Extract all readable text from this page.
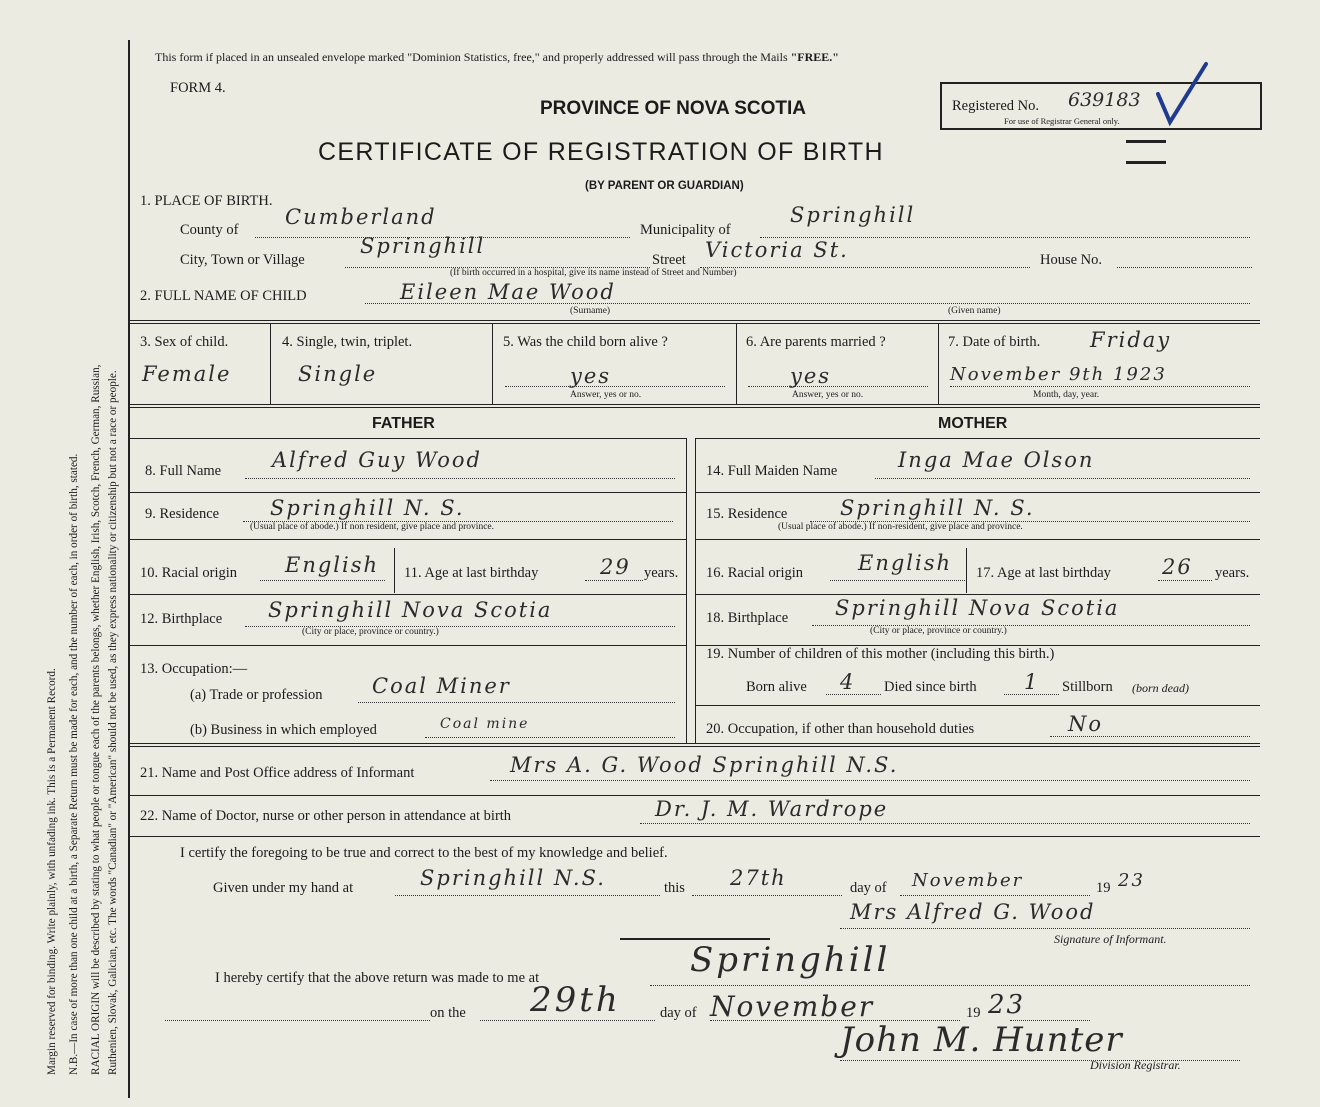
Margin reserved for binding. Write plainly, with unfading ink. This is a Permanent Record. N.B.—In case of more than one child at a birth, a Separate Return must be made for each, and the number of each, in order of birth, stated. RACIAL ORIGIN will be described by stating to what people or tongue each of the parents belongs, whether English, Irish, Scotch, French, German, Russian, Ruthenien, Slovak, Galician, etc. The words "Canadian" or "American" should not be used, as they express nationality or citizenship but not a race or people.
This form if placed in an unsealed envelope marked "Dominion Statistics, free," and properly addressed will pass through the Mails "FREE."
FORM 4.
PROVINCE OF NOVA SCOTIA	Registered No. 639183
For use of Registrar General only.
CERTIFICATE OF REGISTRATION OF BIRTH
(BY PARENT OR GUARDIAN)
1. PLACE OF BIRTH.
County of
Cumberland
Municipality of
Springhill
City, Town or Village
Springhill
Street Victoria St.	House No.
(If birth occurred in a hospital, give its name instead of Street and Number)
2. FULL NAME OF CHILD	Eileen Mae Wood
(Surname)	(Given name)
3. Sex of child.
Female
4. Single, twin, triplet.
Single
5. Was the child born alive ?
yes
Answer, yes or no.
6. Are parents married ?
yes
Answer, yes or no.
7. Date of birth. Friday
November 9th 1923
Month, day, year.
FATHER	MOTHER
8. Full Name Alfred Guy Wood
9. Residence Springhill N. S.
(Usual place of abode.) If non resident, give place and province.
10. Racial origin English 11. Age at last birthday	29 years.
12. Birthplace Springhill Nova Scotia
(City or place, province or country.)
13. Occupation:—
(a) Trade or profession Coal Miner
(b) Business in which employed	Coal mine
14. Full Maiden Name	Inga Mae Olson
15. Residence	Springhill N. S.
(Usual place of abode.) If non-resident, give place and province.
16. Racial origin	English 17. Age at last birthday 26 years.
18. Birthplace Springhill Nova Scotia
(City or place, province or country.)
19. Number of children of this mother (including this birth.)
Born alive 4 Died since birth 1 Stillborn (born dead)
20. Occupation, if other than household duties	No
21. Name and Post Office address of Informant	Mrs A. G. Wood Springhill N.S.
22. Name of Doctor, nurse or other person in attendance at birth	Dr. J. M. Wardrope
I certify the foregoing to be true and correct to the best of my knowledge and belief.
Given under my hand at	Springhill N.S.	this 27th	day of November	19 23
Mrs Alfred G. Wood
Signature of Informant.
I hereby certify that the above return was made to me at	Springhill
on the 29th	day of November	19 23
John M. Hunter
Division Registrar.
